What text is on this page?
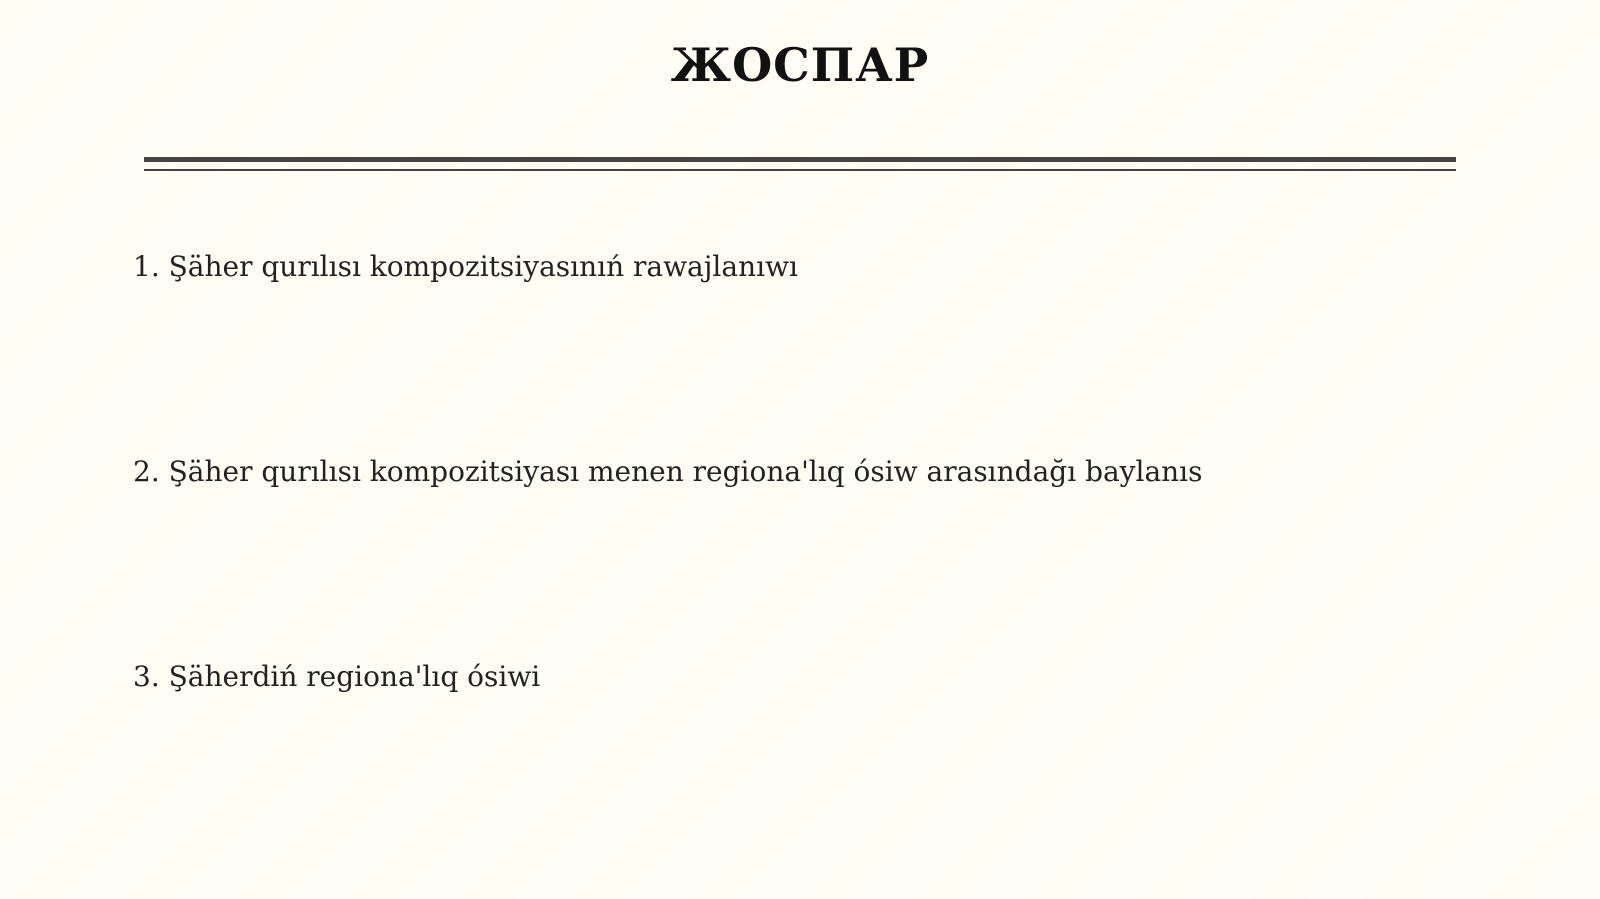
ЖОСПАР
1. Şäher qurılısı kompozitsiyasınıń rawajlanıwı
2. Şäher qurılısı kompozitsiyası menen regiona'lıq ósiw arasındağı baylanıs
3. Şäherdiń regiona'lıq ósiwi
